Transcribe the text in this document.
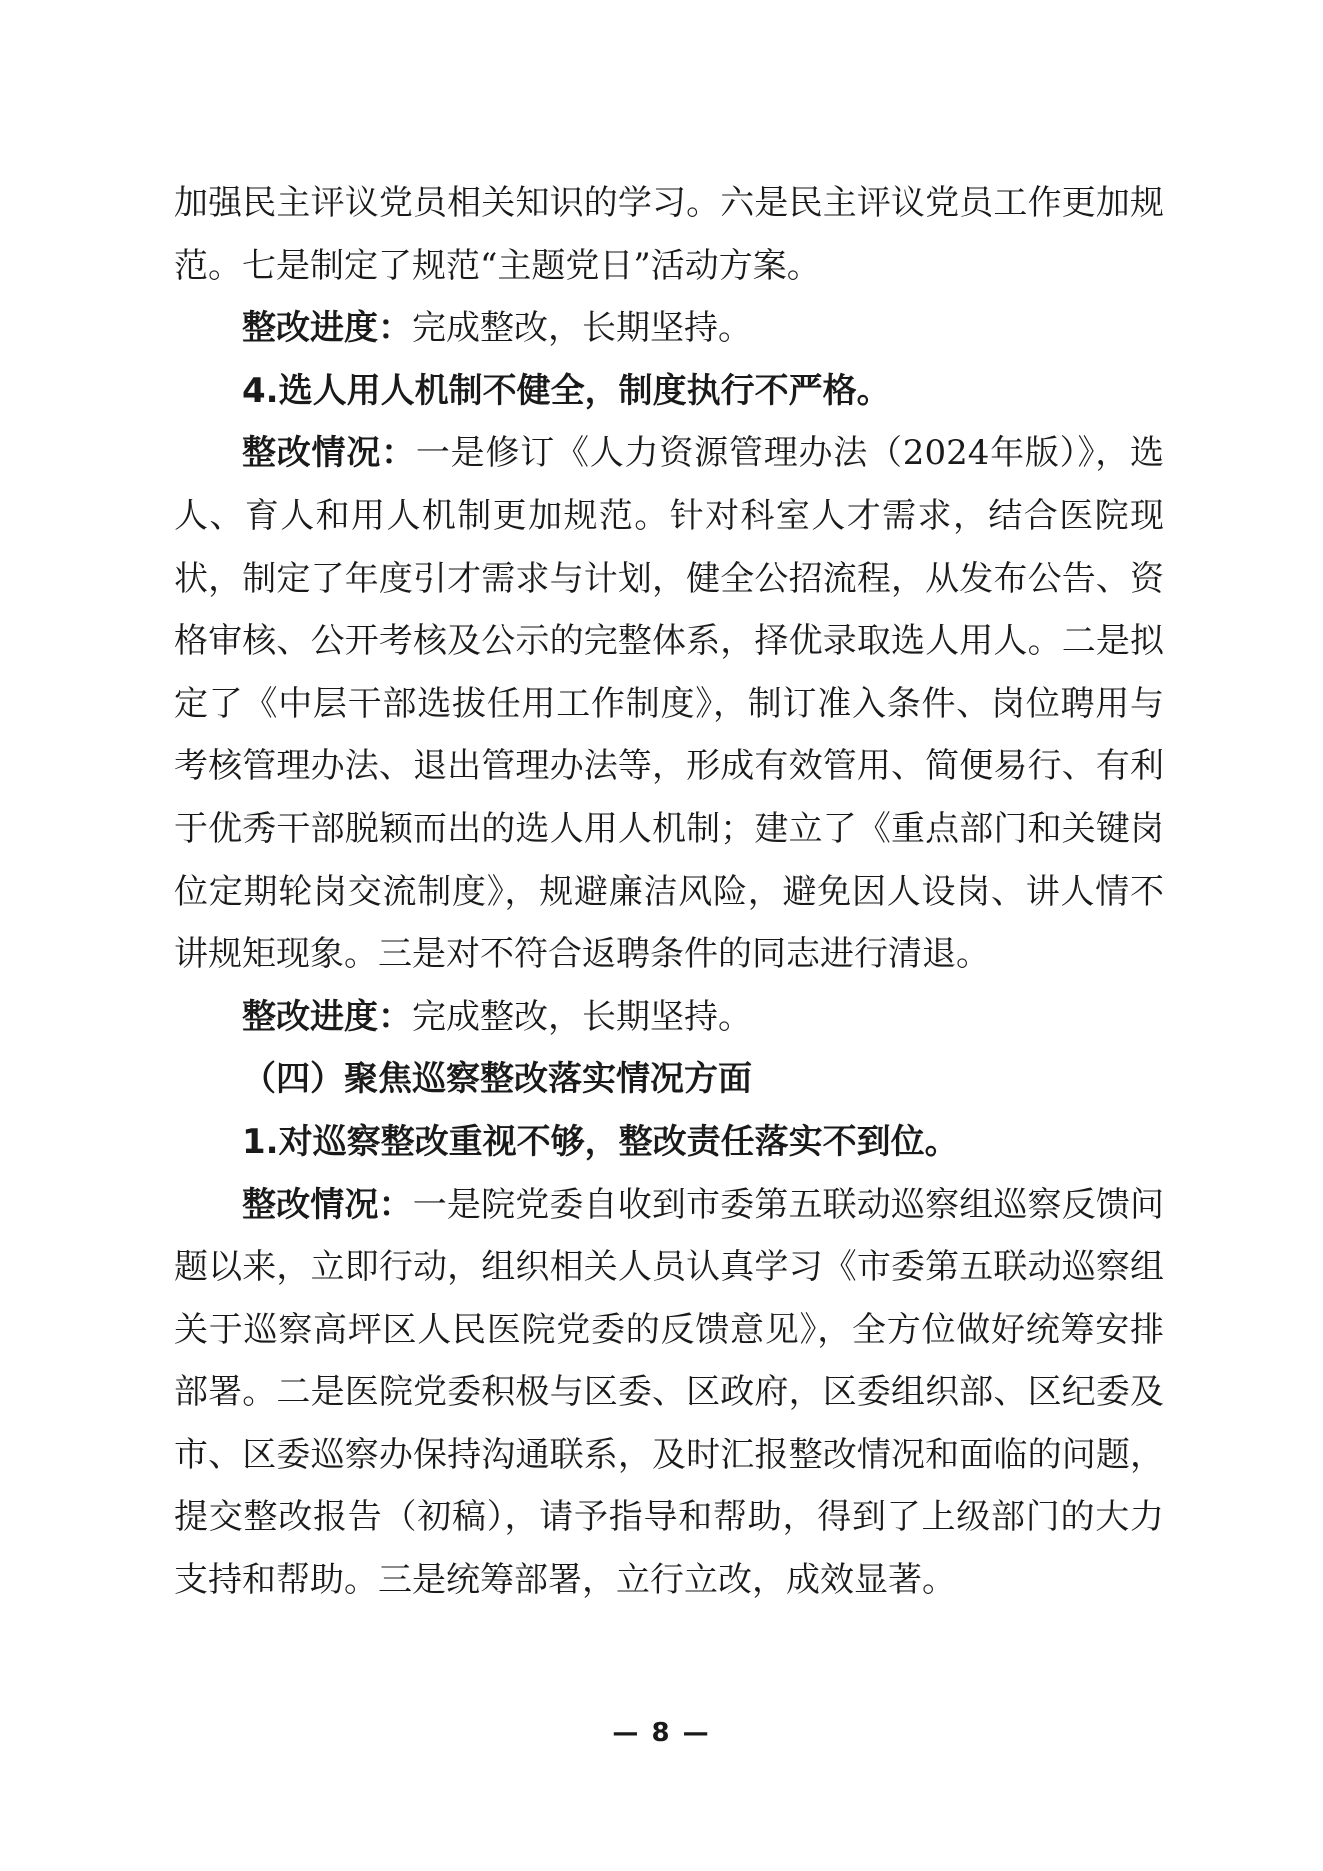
加强民主评议党员相关知识的学习。六是民主评议党员工作更加规范。七是制定了规范“主题党日”活动方案。

整改进度：完成整改，长期坚持。

4.选人用人机制不健全，制度执行不严格。

整改情况：一是修订《人力资源管理办法（2024年版）》，选人、育人和用人机制更加规范。针对科室人才需求，结合医院现状，制定了年度引才需求与计划，健全公招流程，从发布公告、资格审核、公开考核及公示的完整体系，择优录取选人用人。二是拟定了《中层干部选拔任用工作制度》，制订准入条件、岗位聘用与考核管理办法、退出管理办法等，形成有效管用、简便易行、有利于优秀干部脱颖而出的选人用人机制；建立了《重点部门和关键岗位定期轮岗交流制度》，规避廉洁风险，避免因人设岗、讲人情不讲规矩现象。三是对不符合返聘条件的同志进行清退。

整改进度：完成整改，长期坚持。

（四）聚焦巡察整改落实情况方面

1.对巡察整改重视不够，整改责任落实不到位。

整改情况：一是院党委自收到市委第五联动巡察组巡察反馈问题以来，立即行动，组织相关人员认真学习《市委第五联动巡察组关于巡察高坪区人民医院党委的反馈意见》，全方位做好统筹安排部署。二是医院党委积极与区委、区政府，区委组织部、区纪委及市、区委巡察办保持沟通联系，及时汇报整改情况和面临的问题，提交整改报告（初稿），请予指导和帮助，得到了上级部门的大力支持和帮助。三是统筹部署，立行立改，成效显著。

— 8 —
